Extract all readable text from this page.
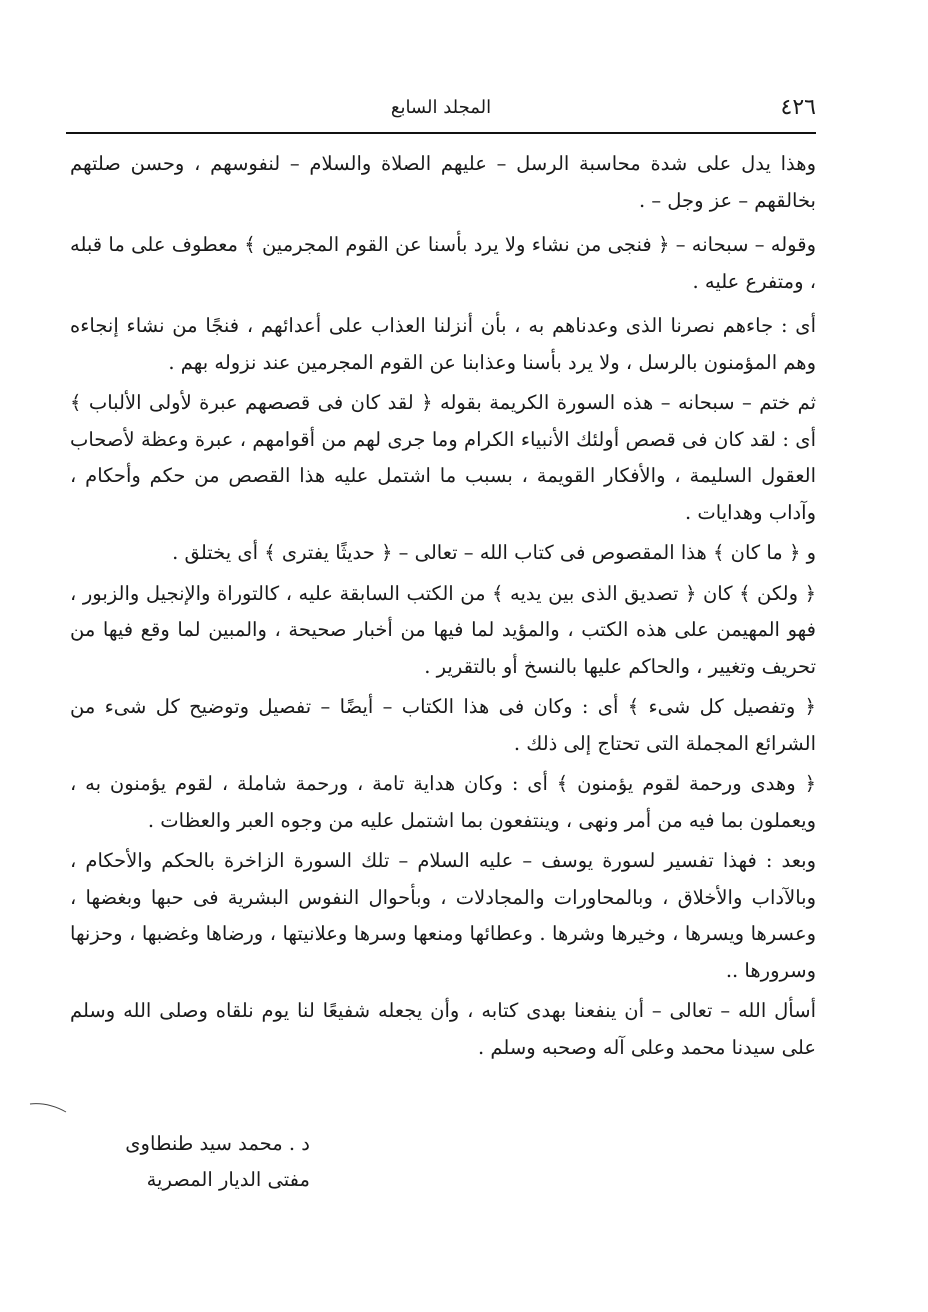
٤٢٦
المجلد السابع

وهذا يدل على شدة محاسبة الرسل – عليهم الصلاة والسلام – لنفوسهم ، وحسن صلتهم بخالقهم – عز وجل – .

وقوله – سبحانه – ﴿ فنجى من نشاء ولا يرد بأسنا عن القوم المجرمين ﴾ معطوف على ما قبله ، ومتفرع عليه .

أى : جاءهم نصرنا الذى وعدناهم به ، بأن أنزلنا العذاب على أعدائهم ، فنجًا من نشاء إنجاءه وهم المؤمنون بالرسل ، ولا يرد بأسنا وعذابنا عن القوم المجرمين عند نزوله بهم .

ثم ختم – سبحانه – هذه السورة الكريمة بقوله ﴿ لقد كان فى قصصهم عبرة لأولى الألباب ﴾ أى : لقد كان فى قصص أولئك الأنبياء الكرام وما جرى لهم من أقوامهم ، عبرة وعظة لأصحاب العقول السليمة ، والأفكار القويمة ، بسبب ما اشتمل عليه هذا القصص من حكم وأحكام ، وآداب وهدايات .

و ﴿ ما كان ﴾ هذا المقصوص فى كتاب الله – تعالى – ﴿ حديثًا يفترى ﴾ أى يختلق .

﴿ ولكن ﴾ كان ﴿ تصديق الذى بين يديه ﴾ من الكتب السابقة عليه ، كالتوراة والإنجيل والزبور ، فهو المهيمن على هذه الكتب ، والمؤيد لما فيها من أخبار صحيحة ، والمبين لما وقع فيها من تحريف وتغيير ، والحاكم عليها بالنسخ أو بالتقرير .

﴿ وتفصيل كل شىء ﴾ أى : وكان فى هذا الكتاب – أيضًا – تفصيل وتوضيح كل شىء من الشرائع المجملة التى تحتاج إلى ذلك .

﴿ وهدى ورحمة لقوم يؤمنون ﴾ أى : وكان هداية تامة ، ورحمة شاملة ، لقوم يؤمنون به ، ويعملون بما فيه من أمر ونهى ، وينتفعون بما اشتمل عليه من وجوه العبر والعظات .

وبعد : فهذا تفسير لسورة يوسف – عليه السلام – تلك السورة الزاخرة بالحكم والأحكام ، وبالآداب والأخلاق ، وبالمحاورات والمجادلات ، وبأحوال النفوس البشرية فى حبها وبغضها ، وعسرها ويسرها ، وخيرها وشرها . وعطائها ومنعها وسرها وعلانيتها ، ورضاها وغضبها ، وحزنها وسرورها ..

أسأل الله – تعالى – أن ينفعنا بهدى كتابه ، وأن يجعله شفيعًا لنا يوم نلقاه وصلى الله وسلم على سيدنا محمد وعلى آله وصحبه وسلم .

د . محمد سيد طنطاوى
مفتى الديار المصرية
